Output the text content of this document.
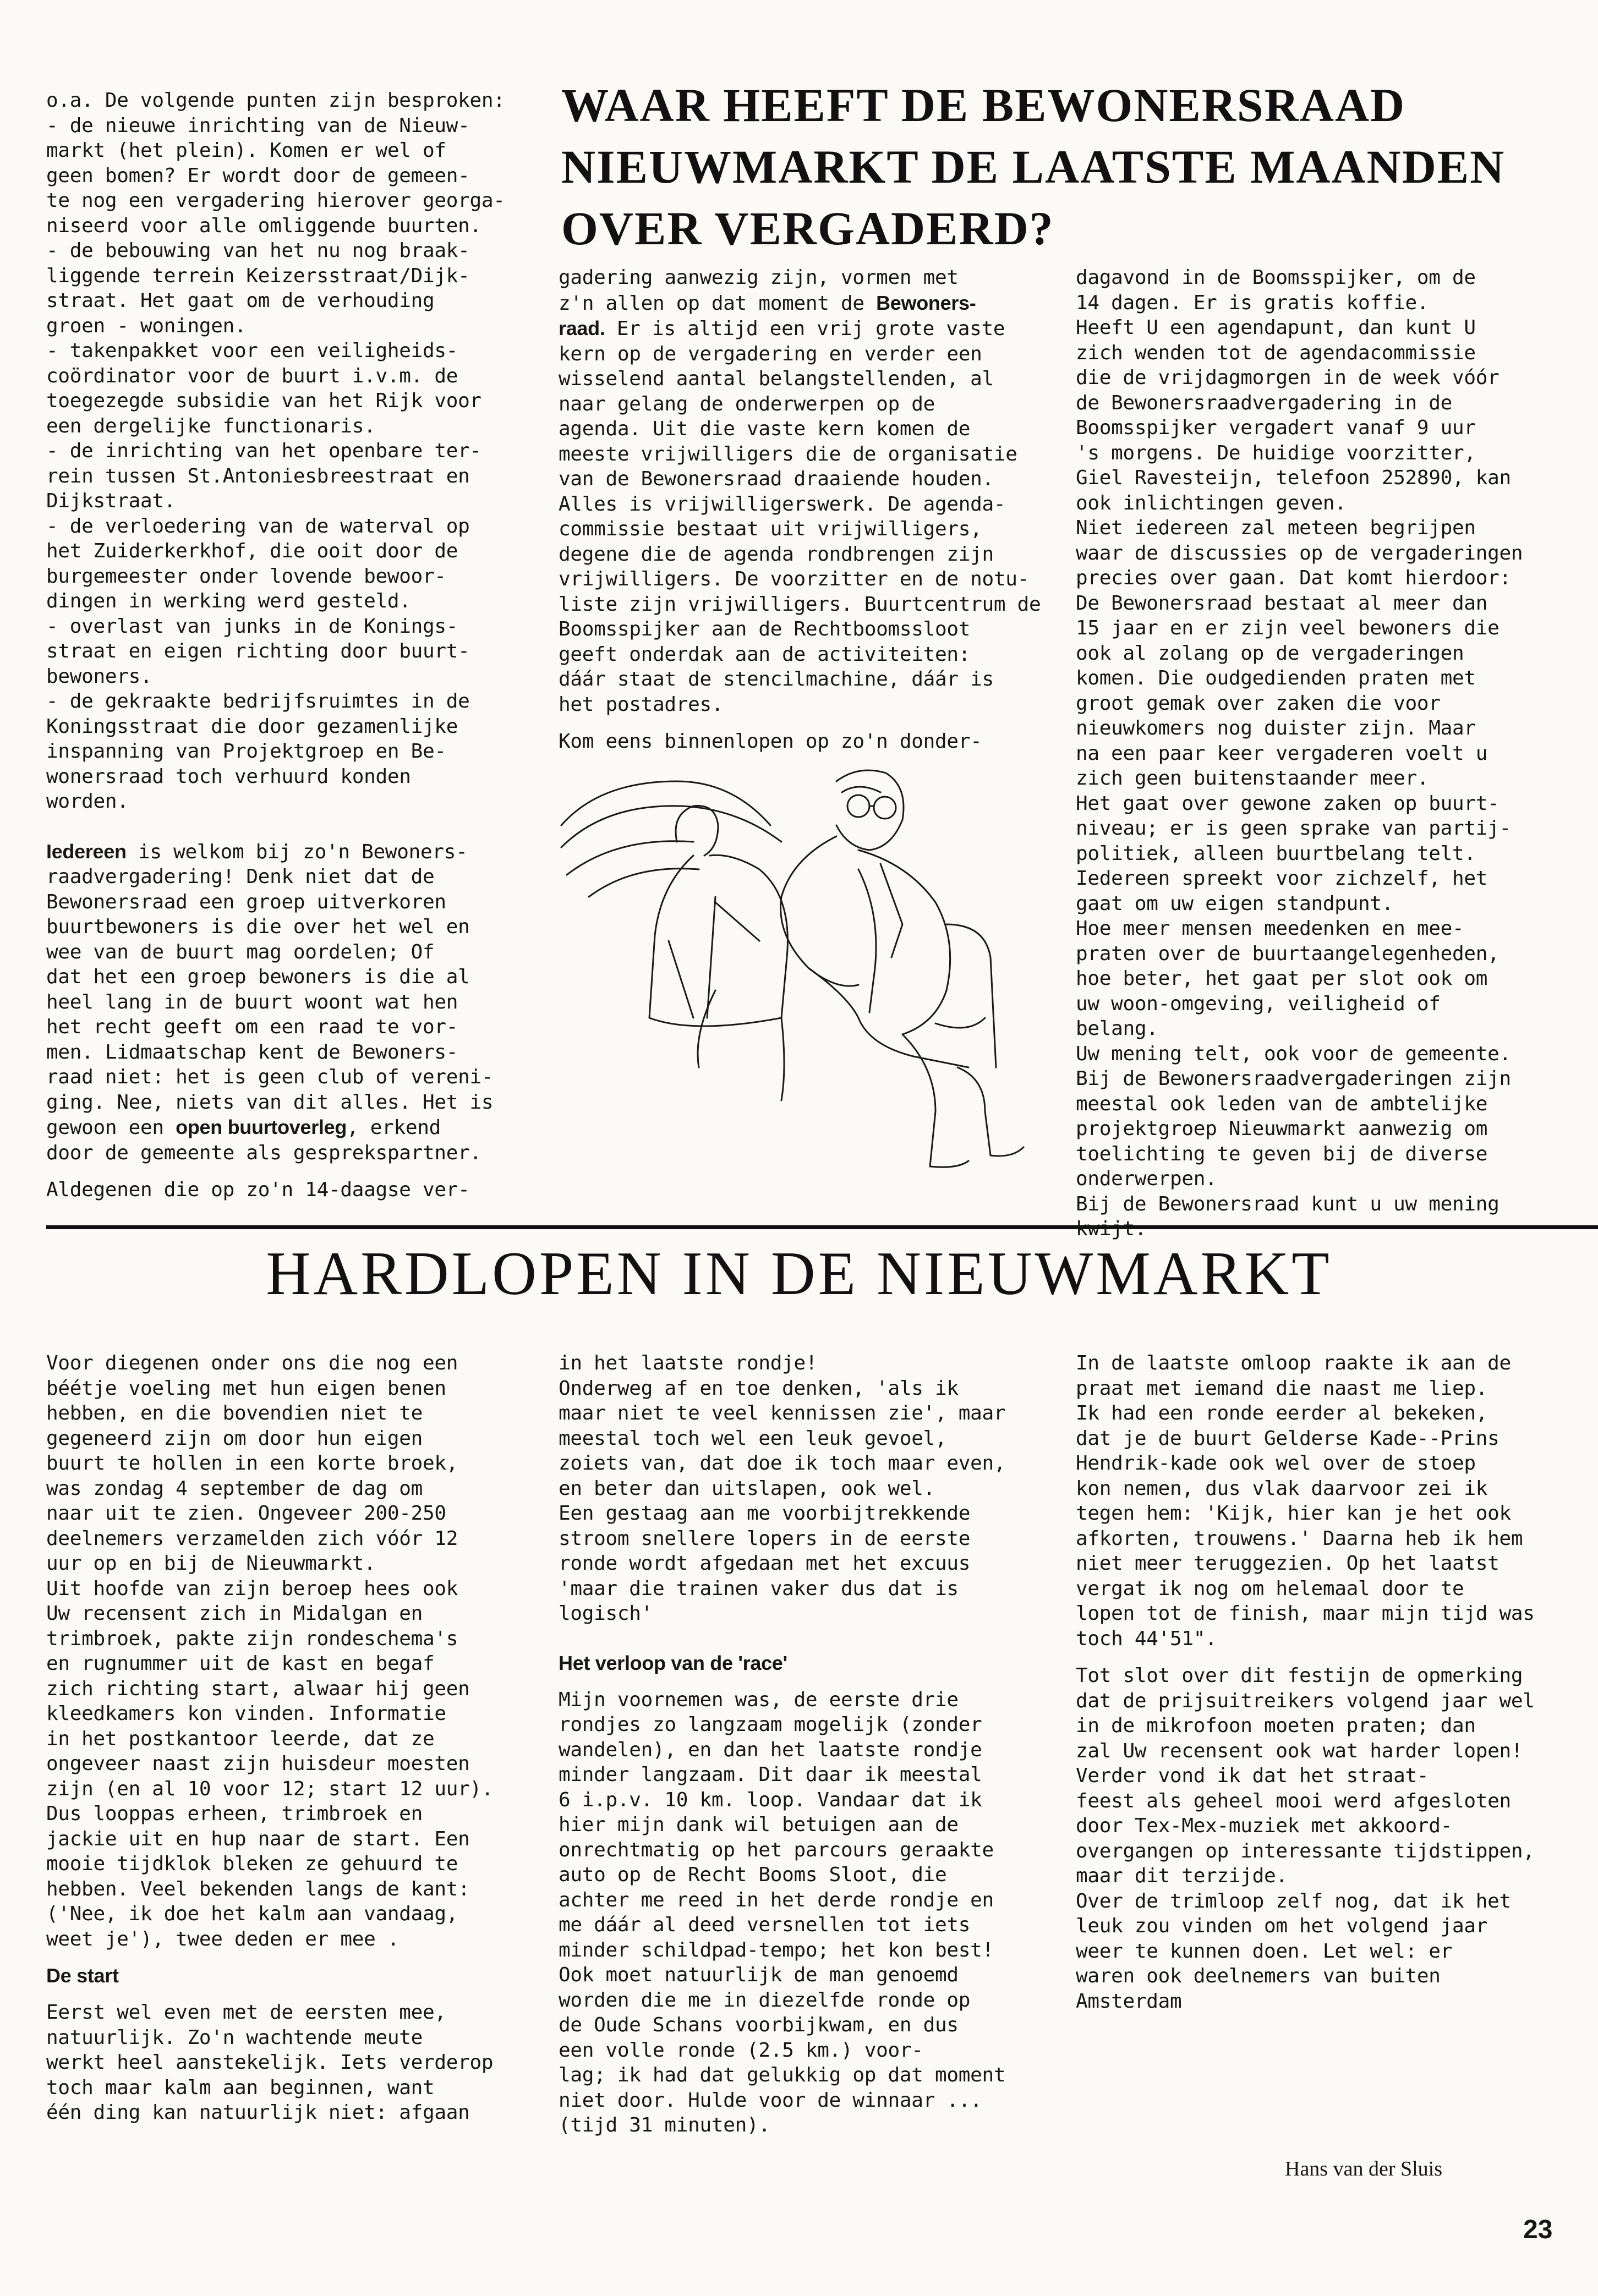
o.a. De volgende punten zijn besproken:
- de nieuwe inrichting van de Nieuw-
markt (het plein). Komen er wel of
geen bomen? Er wordt door de gemeen-
te nog een vergadering hierover georga-
niseerd voor alle omliggende buurten.
- de bebouwing van het nu nog braak-
liggende terrein Keizersstraat/Dijk-
straat. Het gaat om de verhouding
groen - woningen.
- takenpakket voor een veiligheids-
coördinator voor de buurt i.v.m. de
toegezegde subsidie van het Rijk voor
een dergelijke functionaris.
- de inrichting van het openbare ter-
rein tussen St.Antoniesbreestraat en
Dijkstraat.
- de verloedering van de waterval op
het Zuiderkerkhof, die ooit door de
burgemeester onder lovende bewoor-
dingen in werking werd gesteld.
- overlast van junks in de Konings-
straat en eigen richting door buurt-
bewoners.
- de gekraakte bedrijfsruimtes in de
Koningsstraat die door gezamenlijke
inspanning van Projektgroep en Be-
wonersraad toch verhuurd konden
worden.

Iedereen is welkom bij zo'n Bewoners-
raadvergadering! Denk niet dat de
Bewonersraad een groep uitverkoren
buurtbewoners is die over het wel en
wee van de buurt mag oordelen; Of
dat het een groep bewoners is die al
heel lang in de buurt woont wat hen
het recht geeft om een raad te vor-
men. Lidmaatschap kent de Bewoners-
raad niet: het is geen club of vereni-
ging. Nee, niets van dit alles. Het is
gewoon een open buurtoverleg, erkend
door de gemeente als gesprekspartner.

Aldegenen die op zo'n 14-daagse ver-

WAAR HEEFT DE BEWONERSRAAD
NIEUWMARKT DE LAATSTE MAANDEN
OVER VERGADERD?

gadering aanwezig zijn, vormen met
z'n allen op dat moment de Bewoners-
raad. Er is altijd een vrij grote vaste
kern op de vergadering en verder een
wisselend aantal belangstellenden, al
naar gelang de onderwerpen op de
agenda. Uit die vaste kern komen de
meeste vrijwilligers die de organisatie
van de Bewonersraad draaiende houden.
Alles is vrijwilligerswerk. De agenda-
commissie bestaat uit vrijwilligers,
degene die de agenda rondbrengen zijn
vrijwilligers. De voorzitter en de notu-
liste zijn vrijwilligers. Buurtcentrum de
Boomsspijker aan de Rechtboomssloot
geeft onderdak aan de activiteiten:
dáár staat de stencilmachine, dáár is
het postadres.

Kom eens binnenlopen op zo'n donder-

dagavond in de Boomsspijker, om de
14 dagen. Er is gratis koffie.
Heeft U een agendapunt, dan kunt U
zich wenden tot de agendacommissie
die de vrijdagmorgen in de week vóór
de Bewonersraadvergadering in de
Boomsspijker vergadert vanaf 9 uur
's morgens. De huidige voorzitter,
Giel Ravesteijn, telefoon 252890, kan
ook inlichtingen geven.
Niet iedereen zal meteen begrijpen
waar de discussies op de vergaderingen
precies over gaan. Dat komt hierdoor:
De Bewonersraad bestaat al meer dan
15 jaar en er zijn veel bewoners die
ook al zolang op de vergaderingen
komen. Die oudgedienden praten met
groot gemak over zaken die voor
nieuwkomers nog duister zijn. Maar
na een paar keer vergaderen voelt u
zich geen buitenstaander meer.
Het gaat over gewone zaken op buurt-
niveau; er is geen sprake van partij-
politiek, alleen buurtbelang telt.
Iedereen spreekt voor zichzelf, het
gaat om uw eigen standpunt.
Hoe meer mensen meedenken en mee-
praten over de buurtaangelegenheden,
hoe beter, het gaat per slot ook om
uw woon-omgeving, veiligheid of
belang.
Uw mening telt, ook voor de gemeente.
Bij de Bewonersraadvergaderingen zijn
meestal ook leden van de ambtelijke
projektgroep Nieuwmarkt aanwezig om
toelichting te geven bij de diverse
onderwerpen.
Bij de Bewonersraad kunt u uw mening

HARDLOPEN IN DE NIEUWMARKT

Voor diegenen onder ons die nog een
béétje voeling met hun eigen benen
hebben, en die bovendien niet te
gegeneerd zijn om door hun eigen
buurt te hollen in een korte broek,
was zondag 4 september de dag om
naar uit te zien. Ongeveer 200-250
deelnemers verzamelden zich vóór 12
uur op en bij de Nieuwmarkt.
Uit hoofde van zijn beroep hees ook
Uw recensent zich in Midalgan en
trimbroek, pakte zijn rondeschema's
en rugnummer uit de kast en begaf
zich richting start, alwaar hij geen
kleedkamers kon vinden. Informatie
in het postkantoor leerde, dat ze
ongeveer naast zijn huisdeur moesten
zijn (en al 10 voor 12; start 12 uur).
Dus looppas erheen, trimbroek en
jackie uit en hup naar de start. Een
mooie tijdklok bleken ze gehuurd te
hebben. Veel bekenden langs de kant:
('Nee, ik doe het kalm aan vandaag,
weet je'), twee deden er mee .

De start

Eerst wel even met de eersten mee,
natuurlijk. Zo'n wachtende meute
werkt heel aanstekelijk. Iets verderop
toch maar kalm aan beginnen, want
één ding kan natuurlijk niet: afgaan

in het laatste rondje!
Onderweg af en toe denken, 'als ik
maar niet te veel kennissen zie', maar
meestal toch wel een leuk gevoel,
zoiets van, dat doe ik toch maar even,
en beter dan uitslapen, ook wel.
Een gestaag aan me voorbijtrekkende
stroom snellere lopers in de eerste
ronde wordt afgedaan met het excuus
'maar die trainen vaker dus dat is
logisch'

Het verloop van de 'race'

Mijn voornemen was, de eerste drie
rondjes zo langzaam mogelijk (zonder
wandelen), en dan het laatste rondje
minder langzaam. Dit daar ik meestal
6 i.p.v. 10 km. loop. Vandaar dat ik
hier mijn dank wil betuigen aan de
onrechtmatig op het parcours geraakte
auto op de Recht Booms Sloot, die
achter me reed in het derde rondje en
me dáár al deed versnellen tot iets
minder schildpad-tempo; het kon best!
Ook moet natuurlijk de man genoemd
worden die me in diezelfde ronde op
de Oude Schans voorbijkwam, en dus
een volle ronde (2.5 km.) voor-
lag; ik had dat gelukkig op dat moment
niet door. Hulde voor de winnaar ...
(tijd 31 minuten).

In de laatste omloop raakte ik aan de
praat met iemand die naast me liep.
Ik had een ronde eerder al bekeken,
dat je de buurt Gelderse Kade--Prins
Hendrik-kade ook wel over de stoep
kon nemen, dus vlak daarvoor zei ik
tegen hem: 'Kijk, hier kan je het ook
afkorten, trouwens.' Daarna heb ik hem
niet meer teruggezien. Op het laatst
vergat ik nog om helemaal door te
lopen tot de finish, maar mijn tijd was
toch 44'51".

Tot slot over dit festijn de opmerking
dat de prijsuitreikers volgend jaar wel
in de mikrofoon moeten praten; dan
zal Uw recensent ook wat harder lopen!
Verder vond ik dat het straat-
feest als geheel mooi werd afgesloten
door Tex-Mex-muziek met akkoord-
overgangen op interessante tijdstippen,
maar dit terzijde.
Over de trimloop zelf nog, dat ik het
leuk zou vinden om het volgend jaar
weer te kunnen doen. Let wel: er
waren ook deelnemers van buiten
Amsterdam

Hans van der Sluis
23
